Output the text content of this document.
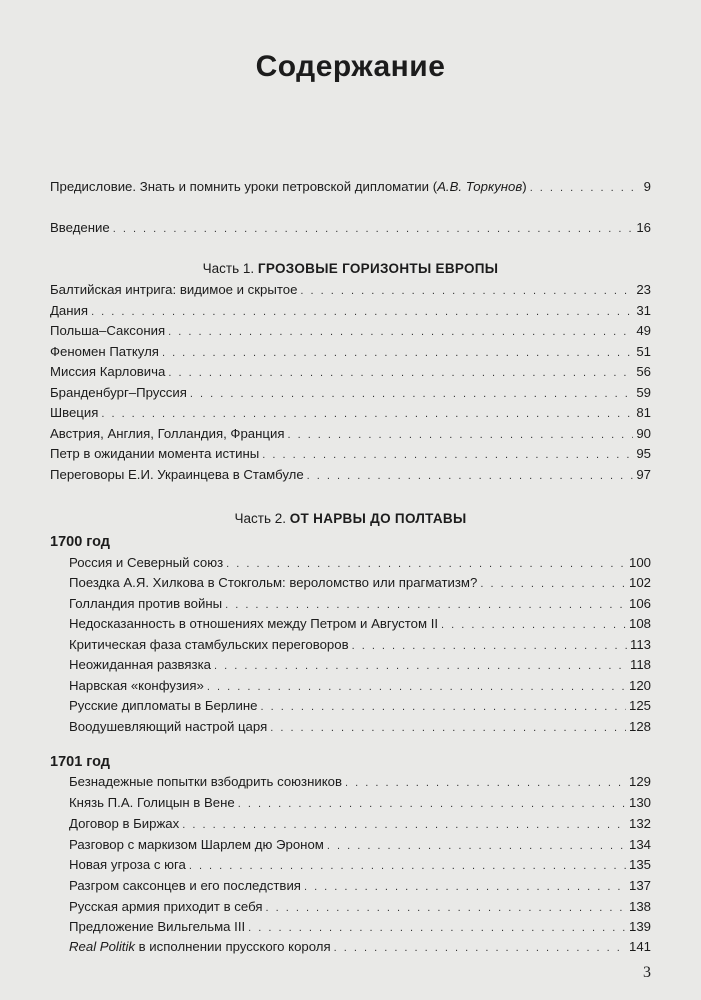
Содержание
Предисловие. Знать и помнить уроки петровской дипломатии (А.В. Торкунов) . . .	9
Введение . . .	16
Часть 1. ГРОЗОВЫЕ ГОРИЗОНТЫ ЕВРОПЫ
Балтийская интрига: видимое и скрытое . . .	23
Дания . . .	31
Польша–Саксония . . .	49
Феномен Паткуля . . .	51
Миссия Карловича . . .	56
Бранденбург–Пруссия . . .	59
Швеция . . .	81
Австрия, Англия, Голландия, Франция . . .	90
Петр в ожидании момента истины . . .	95
Переговоры Е.И. Украинцева в Стамбуле . . .	97
Часть 2. ОТ НАРВЫ ДО ПОЛТАВЫ
1700 год
Россия и Северный союз . . .	100
Поездка А.Я. Хилкова в Стокгольм: вероломство или прагматизм? . . .	102
Голландия против войны . . .	106
Недосказанность в отношениях между Петром и Августом II . . .	108
Критическая фаза стамбульских переговоров . . .	113
Неожиданная развязка . . .	118
Нарвская «конфузия» . . .	120
Русские дипломаты в Берлине . . .	125
Воодушевляющий настрой царя . . .	128
1701 год
Безнадежные попытки взбодрить союзников . . .	129
Князь П.А. Голицын в Вене . . .	130
Договор в Биржах . . .	132
Разговор с маркизом Шарлем дю Эроном . . .	134
Новая угроза с юга . . .	135
Разгром саксонцев и его последствия . . .	137
Русская армия приходит в себя . . .	138
Предложение Вильгельма III . . .	139
Real Politik в исполнении прусского короля . . .	141
3
